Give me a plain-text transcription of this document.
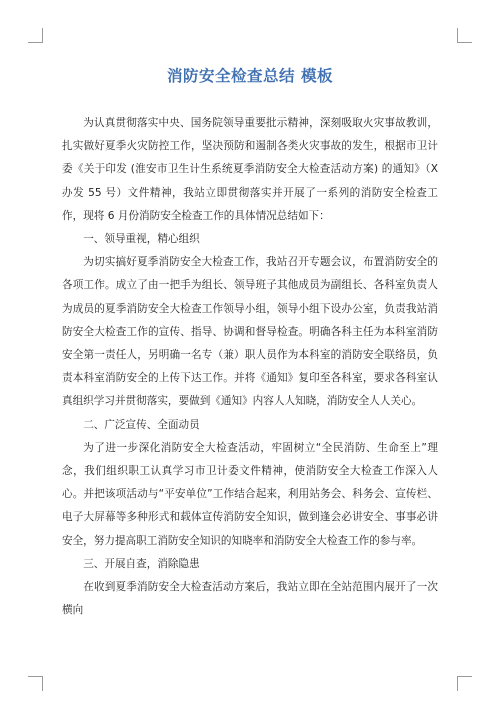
消防安全检查总结 模板

为认真贯彻落实中央、国务院领导重要批示精神，深刻吸取火灾事故教训，扎实做好夏季火灾防控工作，坚决预防和遏制各类火灾事故的发生，根据市卫计委《关于印发 (淮安市卫生计生系统夏季消防安全大检查活动方案) 的通知》（X办发 55 号）文件精神，我站立即贯彻落实并开展了一系列的消防安全检查工作，现将 6 月份消防安全检查工作的具体情况总结如下：

一、领导重视，精心组织

为切实搞好夏季消防安全大检查工作，我站召开专题会议，布置消防安全的各项工作。成立了由一把手为组长、领导班子其他成员为副组长、各科室负责人为成员的夏季消防安全大检查工作领导小组，领导小组下设办公室，负责我站消防安全大检查工作的宣传、指导、协调和督导检查。明确各科主任为本科室消防安全第一责任人，另明确一名专（兼）职人员作为本科室的消防安全联络员，负责本科室消防安全的上传下达工作。并将《通知》复印至各科室，要求各科室认真组织学习并贯彻落实，要做到《通知》内容人人知晓，消防安全人人关心。

二、广泛宣传、全面动员

为了进一步深化消防安全大检查活动，牢固树立“全民消防、生命至上”理念，我们组织职工认真学习市卫计委文件精神，使消防安全大检查工作深入人心。并把该项活动与“平安单位”工作结合起来，利用站务会、科务会、宣传栏、电子大屏幕等多种形式和载体宣传消防安全知识，做到逢会必讲安全、事事必讲安全，努力提高职工消防安全知识的知晓率和消防安全大检查工作的参与率。

三、开展自查，消除隐患

在收到夏季消防安全大检查活动方案后，我站立即在全站范围内展开了一次横向
